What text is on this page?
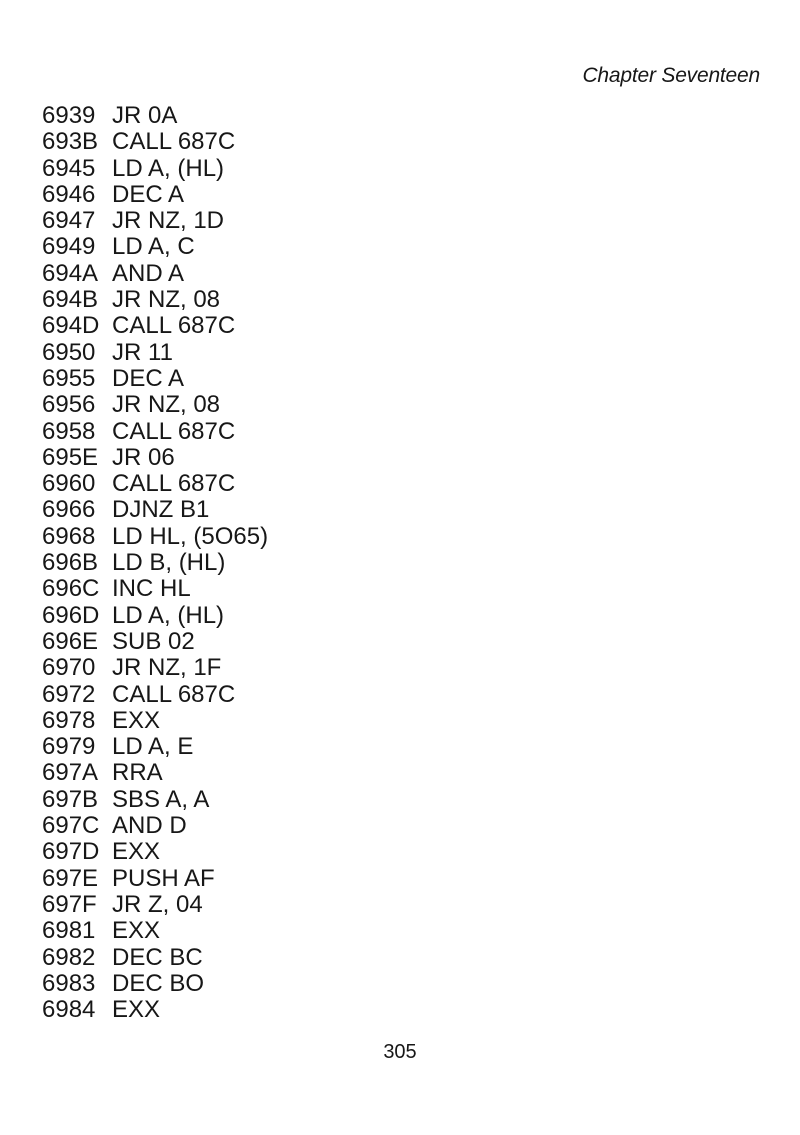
Chapter Seventeen
6939 JR 0A
693B CALL 687C
6945 LD A, (HL)
6946 DEC A
6947 JR NZ, 1D
6949 LD A, C
694A AND A
694B JR NZ, 08
694D CALL 687C
6950 JR 11
6955 DEC A
6956 JR NZ, 08
6958 CALL 687C
695E JR 06
6960 CALL 687C
6966 DJNZ B1
6968 LD HL, (5O65)
696B LD B, (HL)
696C INC HL
696D LD A, (HL)
696E SUB 02
6970 JR NZ, 1F
6972 CALL 687C
6978 EXX
6979 LD A, E
697A RRA
697B SBS A, A
697C AND D
697D EXX
697E PUSH AF
697F JR Z, 04
6981 EXX
6982 DEC BC
6983 DEC BO
6984 EXX
305
